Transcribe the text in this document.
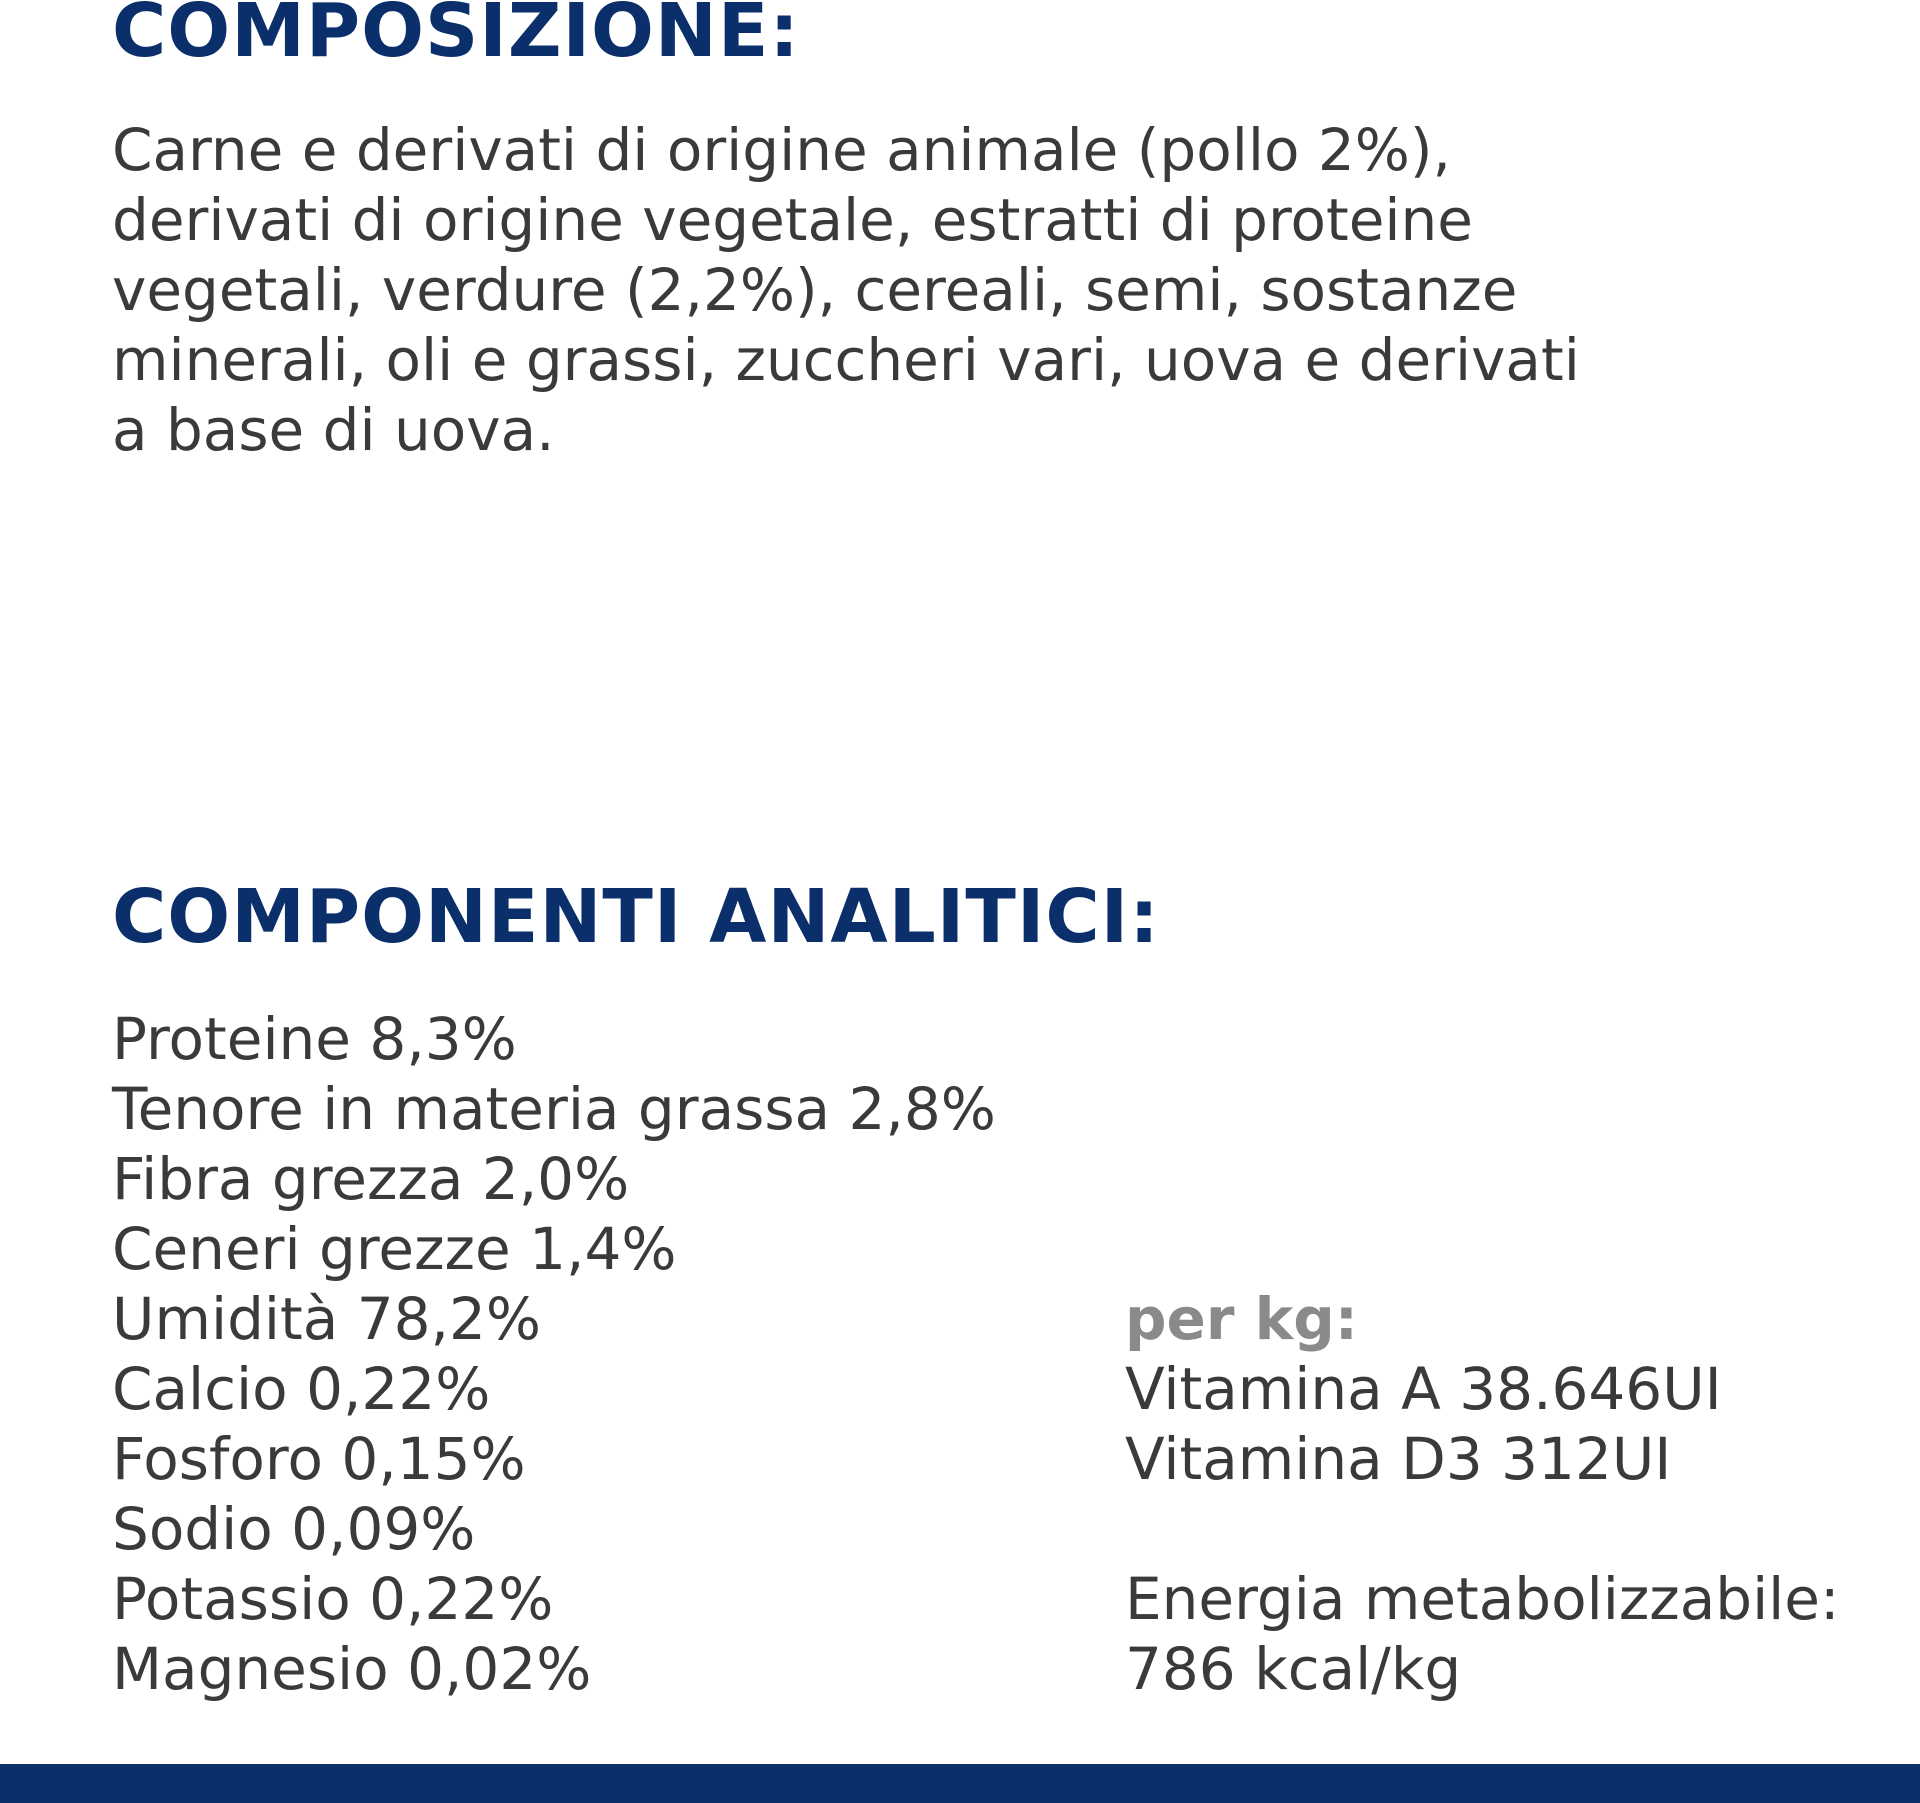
COMPOSIZIONE:

Carne e derivati di origine animale (pollo 2%),
derivati di origine vegetale, estratti di proteine
vegetali, verdure (2,2%), cereali, semi, sostanze
minerali, oli e grassi, zuccheri vari, uova e derivati
a base di uova.

COMPONENTI ANALITICI:
Proteine 8,3%
Tenore in materia grassa 2,8%
Fibra grezza 2,0%
Ceneri grezze 1,4%
Umidità 78,2%
Calcio 0,22%
Fosforo 0,15%
Sodio 0,09%
Potassio 0,22%
Magnesio 0,02%
per kg:
Vitamina A 38.646UI
Vitamina D3 312UI
Energia metabolizzabile:
786 kcal/kg
